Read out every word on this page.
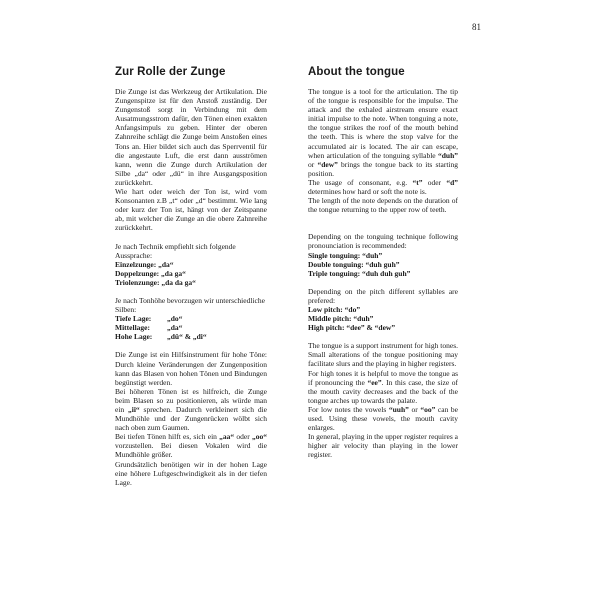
81
Zur Rolle der Zunge

Die Zunge ist das Werkzeug der Artikulation. Die Zungenspitze ist für den Anstoß zuständig. Der Zungenstoß sorgt in Verbindung mit dem Ausatmungsstrom dafür, den Tönen einen exakten Anfangsimpuls zu geben. Hinter der oberen Zahnreihe schlägt die Zunge beim Anstoßen eines Tons an. Hier bildet sich auch das Sperrventil für die angestaute Luft, die erst dann ausströmen kann, wenn die Zunge durch Artikulation der Silbe „da“ oder „dü“ in ihre Ausgangsposition zurückkehrt.

Wie hart oder weich der Ton ist, wird vom Konsonanten z.B „t“ oder „d“ bestimmt. Wie lang oder kurz der Ton ist, hängt von der Zeitspanne ab, mit welcher die Zunge an die obere Zahnreihe zurückkehrt.

Je nach Technik empfiehlt sich folgende Aussprache:

Einzelzunge: „da“

Doppelzunge: „da ga“

Triolenzunge: „da da ga“

Je nach Tonhöhe bevorzugen wir unterschiedliche Silben:

Tiefe Lage: „do“

Mittellage: „da“

Hohe Lage: „dü“ & „di“

Die Zunge ist ein Hilfsinstrument für hohe Töne: Durch kleine Veränderungen der Zungenposition kann das Blasen von hohen Tönen und Bindungen begünstigt werden.

Bei höheren Tönen ist es hilfreich, die Zunge beim Blasen so zu positionieren, als würde man ein „ii“ sprechen. Dadurch verkleinert sich die Mundhöhle und der Zungenrücken wölbt sich nach oben zum Gaumen.

Bei tiefen Tönen hilft es, sich ein „aa“ oder „oo“ vorzustellen. Bei diesen Vokalen wird die Mundhöhle größer.

Grundsätzlich benötigen wir in der hohen Lage eine höhere Luftgeschwindigkeit als in der tiefen Lage.

About the tongue

The tongue is a tool for the articulation. The tip of the tongue is responsible for the impulse. The attack and the exhaled airstream ensure exact initial impulse to the note. When tonguing a note, the tongue strikes the roof of the mouth behind the teeth. This is where the stop valve for the accumulated air is located. The air can escape, when articulation of the tonguing syllable “duh” or “dew” brings the tongue back to its starting position.

The usage of consonant, e.g. “t” oder “d” determines how hard or soft the note is.

The length of the note depends on the duration of the tongue returning to the upper row of teeth.

Depending on the tonguing technique following pronounciation is recommended:

Single tonguing: “duh”

Double tonguing: “duh guh”

Triple tonguing: “duh duh guh”

Depending on the pitch different syllables are prefered:

Low pitch: “do”

Middle pitch: “duh”

High pitch: “dee” & “dew”

The tongue is a support instrument for high tones. Small alterations of the tongue positioning may facilitate slurs and the playing in higher registers.

For high tones it is helpful to move the tongue as if pronouncing the “ee”. In this case, the size of the mouth cavity decreases and the back of the tongue arches up towards the palate.

For low notes the vowels “uuh” or “oo” can be used. Using these vowels, the mouth cavity enlarges.

In general, playing in the upper register requires a higher air velocity than playing in the lower register.
